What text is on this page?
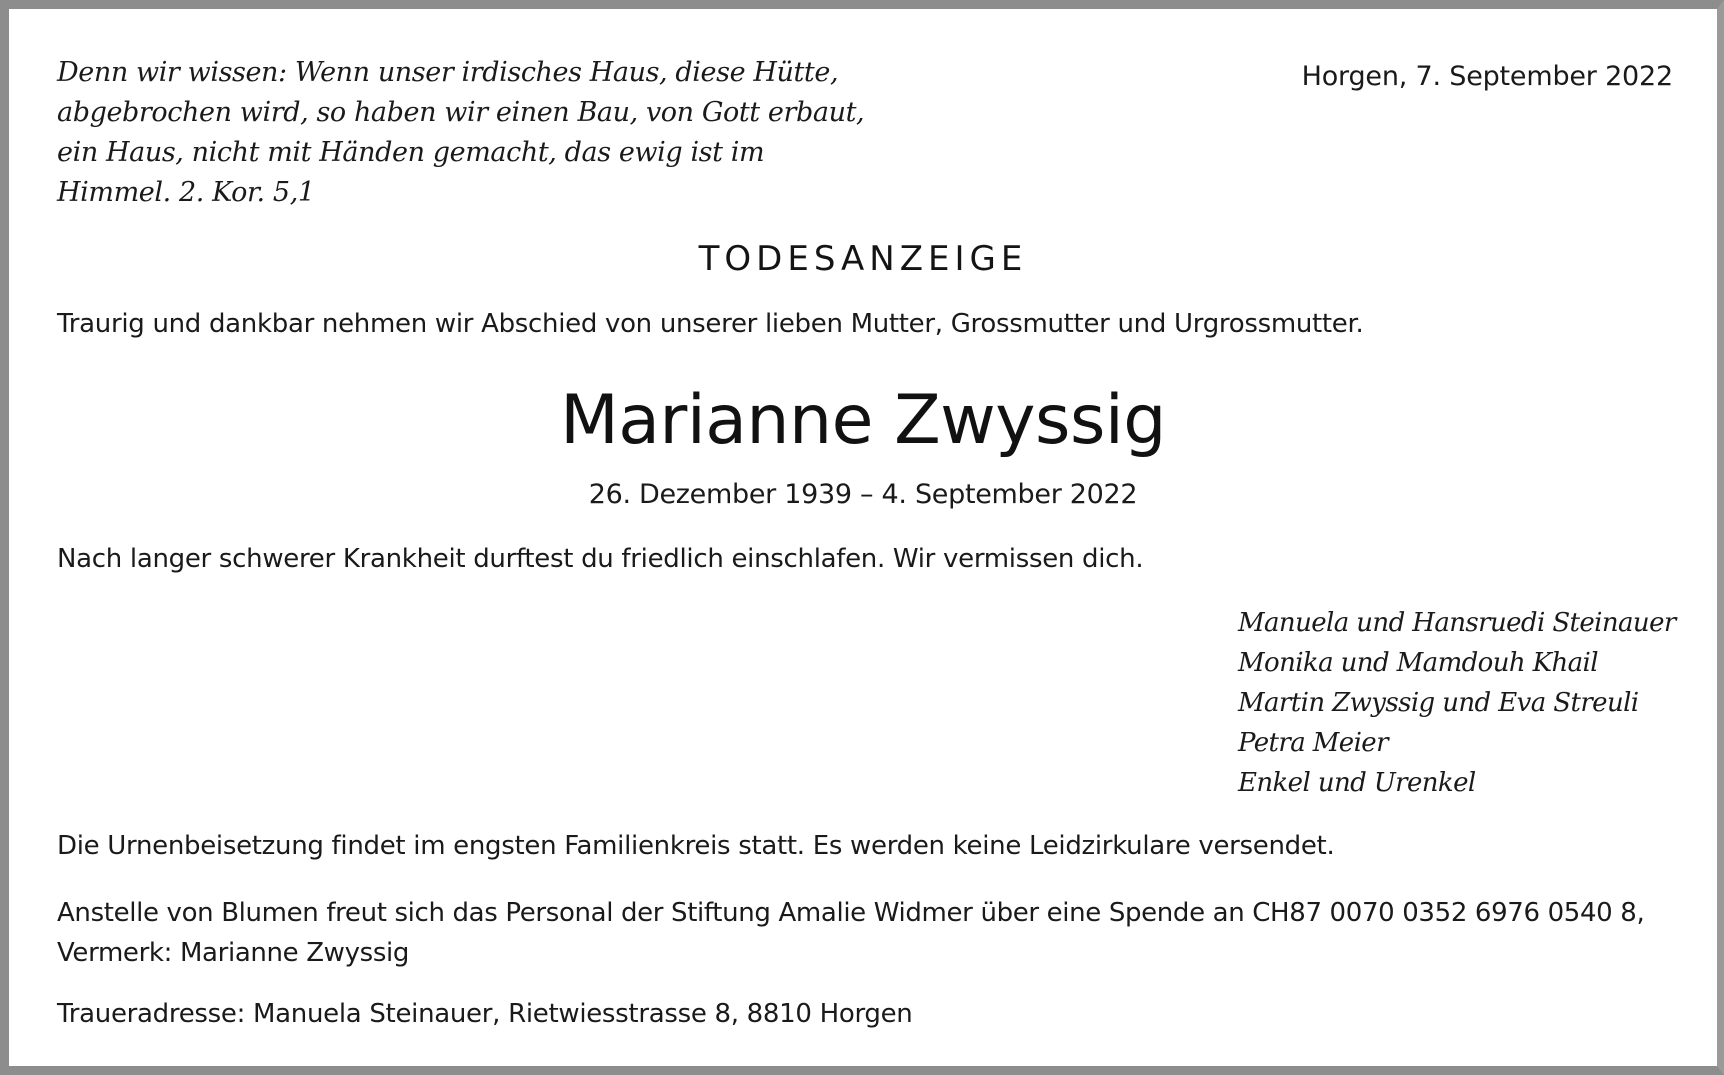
Denn wir wissen: Wenn unser irdisches Haus, diese Hütte,
abgebrochen wird, so haben wir einen Bau, von Gott erbaut,
ein Haus, nicht mit Händen gemacht, das ewig ist im
Himmel. 2. Kor. 5,1
Horgen, 7. September 2022
TODESANZEIGE
Traurig und dankbar nehmen wir Abschied von unserer lieben Mutter, Grossmutter und Urgrossmutter.
Marianne Zwyssig
26. Dezember 1939 – 4. September 2022
Nach langer schwerer Krankheit durftest du friedlich einschlafen. Wir vermissen dich.
Manuela und Hansruedi Steinauer
Monika und Mamdouh Khail
Martin Zwyssig und Eva Streuli
Petra Meier
Enkel und Urenkel
Die Urnenbeisetzung findet im engsten Familienkreis statt. Es werden keine Leidzirkulare versendet.
Anstelle von Blumen freut sich das Personal der Stiftung Amalie Widmer über eine Spende an CH87 0070 0352 6976 0540 8,
Vermerk: Marianne Zwyssig
Traueradresse: Manuela Steinauer, Rietwiesstrasse 8, 8810 Horgen
